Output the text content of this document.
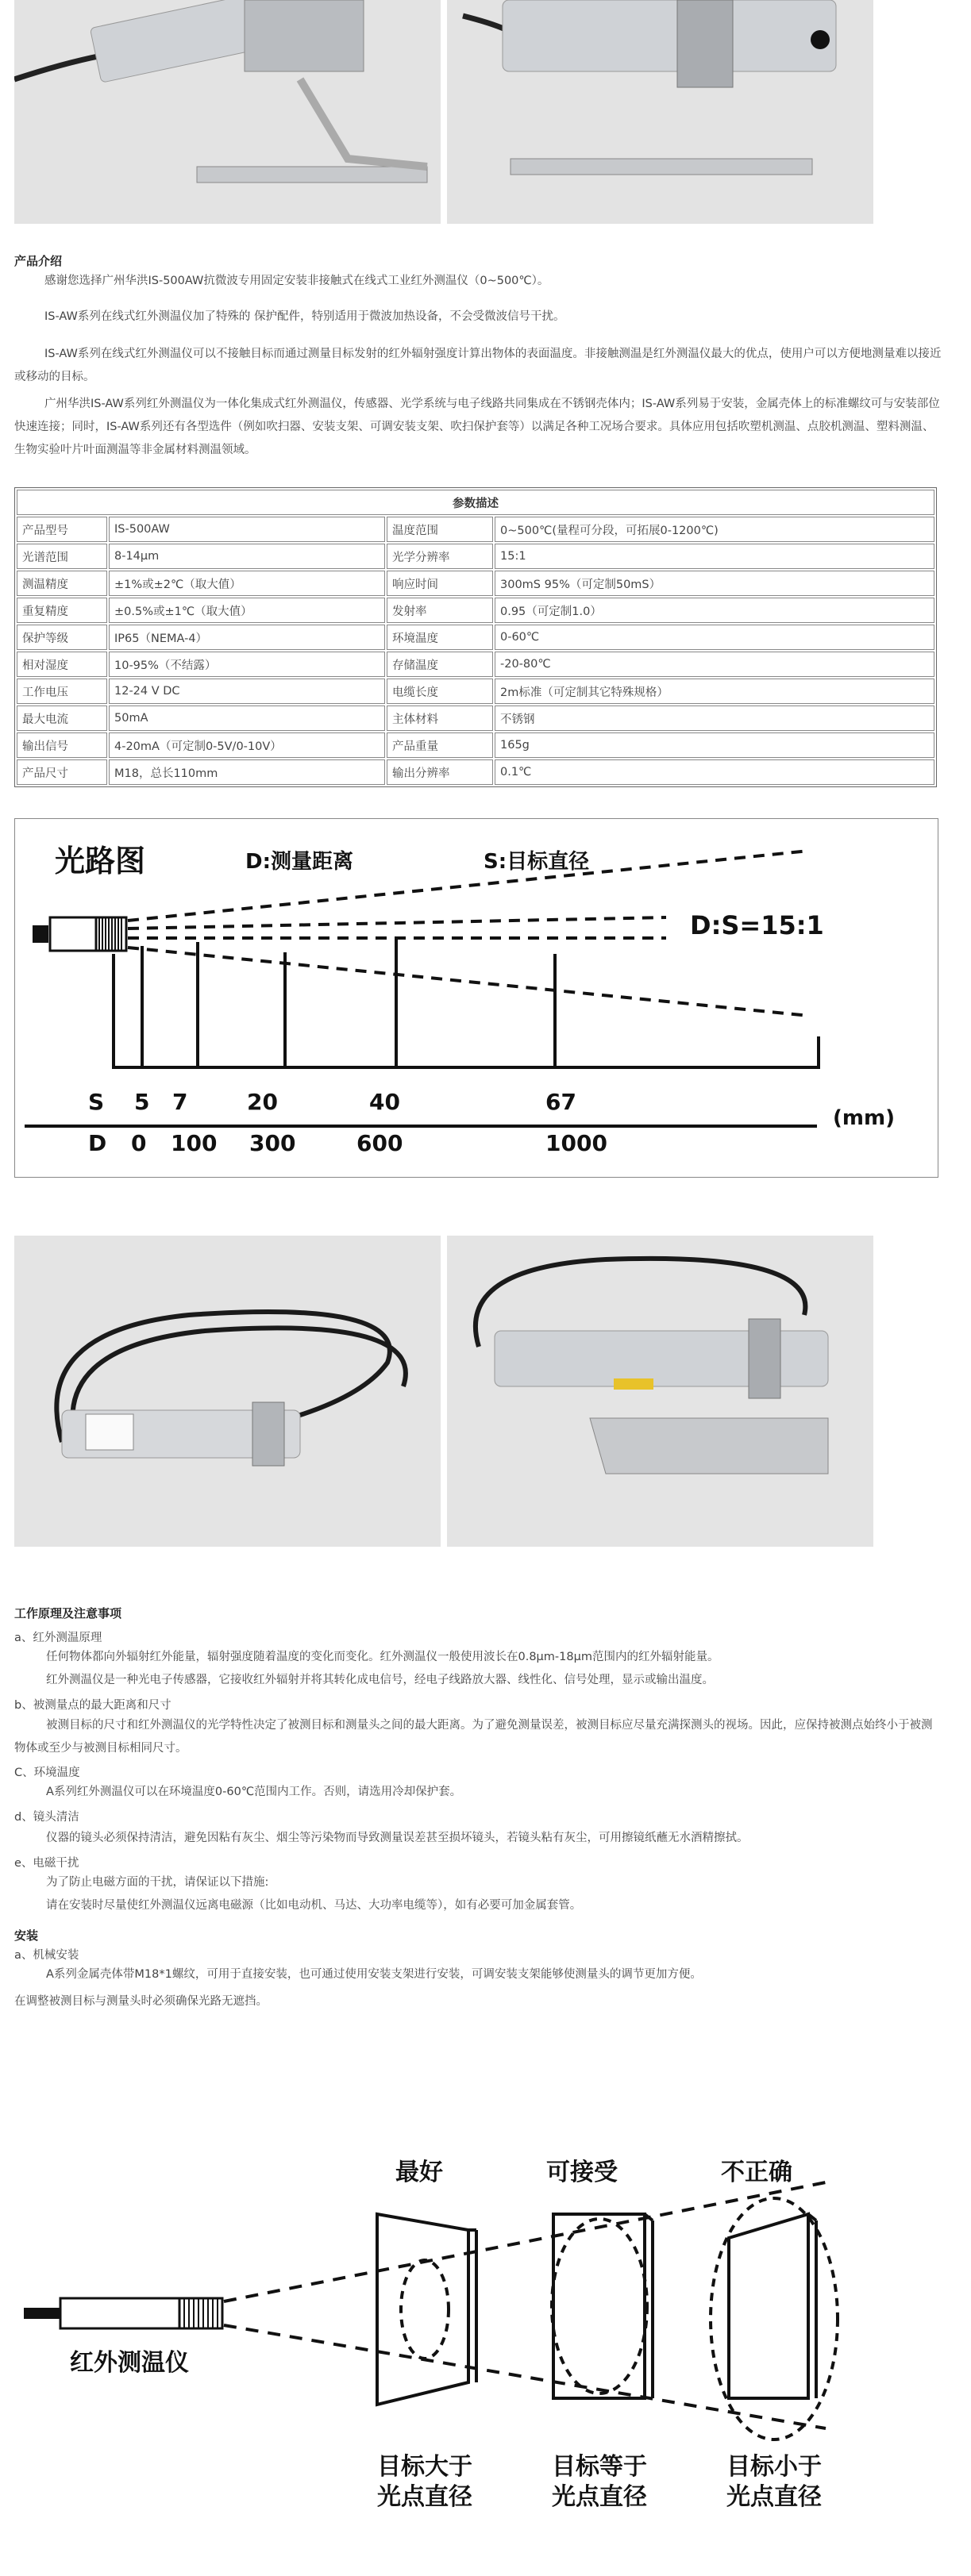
产品介绍

感谢您选择广州华洪IS-500AW抗微波专用固定安装非接触式在线式工业红外测温仪（0~500℃）。

IS-AW系列在线式红外测温仪加了特殊的 保护配件，特别适用于微波加热设备，不会受微波信号干扰。

IS-AW系列在线式红外测温仪可以不接触目标而通过测量目标发射的红外辐射强度计算出物体的表面温度。非接触测温是红外测温仪最大的优点，使用户可以方便地测量难以接近或移动的目标。

广州华洪IS-AW系列红外测温仪为一体化集成式红外测温仪，传感器、光学系统与电子线路共同集成在不锈钢壳体内；IS-AW系列易于安装，金属壳体上的标准螺纹可与安装部位快速连接；同时，IS-AW系列还有各型选件（例如吹扫器、安装支架、可调安装支架、吹扫保护套等）以满足各种工况场合要求。具体应用包括吹塑机测温、点胶机测温、塑料测温、生物实验叶片叶面测温等非金属材料测温领域。

参数描述			
产品型号	IS-500AW	温度范围	0~500℃(量程可分段，可拓展0-1200℃)
光谱范围	8-14μm	光学分辨率	15:1
测温精度	±1%或±2℃（取大值）	响应时间	300mS 95%（可定制50mS）
重复精度	±0.5%或±1℃（取大值）	发射率	0.95（可定制1.0）
保护等级	IP65（NEMA-4）	环境温度	0-60℃
相对湿度	10-95%（不结露）	存储温度	-20-80℃
工作电压	12-24 V DC	电缆长度	2m标准（可定制其它特殊规格）
最大电流	50mA	主体材料	不锈钢
输出信号	4-20mA（可定制0-5V/0-10V）	产品重量	165g
产品尺寸	M18，总长110mm	输出分辨率	0.1℃
光路图	D:测量距离	S:目标直径
D:S=15:1
S 5 7	20	40	67
D 0 100 300	600	1000
(mm)
工作原理及注意事项

a、红外测温原理

任何物体都向外辐射红外能量，辐射强度随着温度的变化而变化。红外测温仪一般使用波长在0.8μm-18μm范围内的红外辐射能量。

红外测温仪是一种光电子传感器，它接收红外辐射并将其转化成电信号，经电子线路放大器、线性化、信号处理，显示或输出温度。

b、被测量点的最大距离和尺寸

被测目标的尺寸和红外测温仪的光学特性决定了被测目标和测量头之间的最大距离。为了避免测量误差，被测目标应尽量充满探测头的视场。因此，应保持被测点始终小于被测物体或至少与被测目标相同尺寸。

C、环境温度

A系列红外测温仪可以在环境温度0-60℃范围内工作。否则，请选用冷却保护套。

d、镜头清洁

仪器的镜头必须保持清洁，避免因粘有灰尘、烟尘等污染物而导致测量误差甚至损坏镜头，若镜头粘有灰尘，可用擦镜纸蘸无水酒精擦拭。

e、电磁干扰

为了防止电磁方面的干扰，请保证以下措施:

请在安装时尽量使红外测温仪远离电磁源（比如电动机、马达、大功率电缆等），如有必要可加金属套管。

安装

a、机械安装

A系列金属壳体带M18*1螺纹，可用于直接安装，也可通过使用安装支架进行安装，可调安装支架能够使测量头的调节更加方便。

在调整被测目标与测量头时必须确保光路无遮挡。

红外测温仪
最好	可接受	不正确
目标大于
光点直径
目标等于
光点直径
目标小于
光点直径
